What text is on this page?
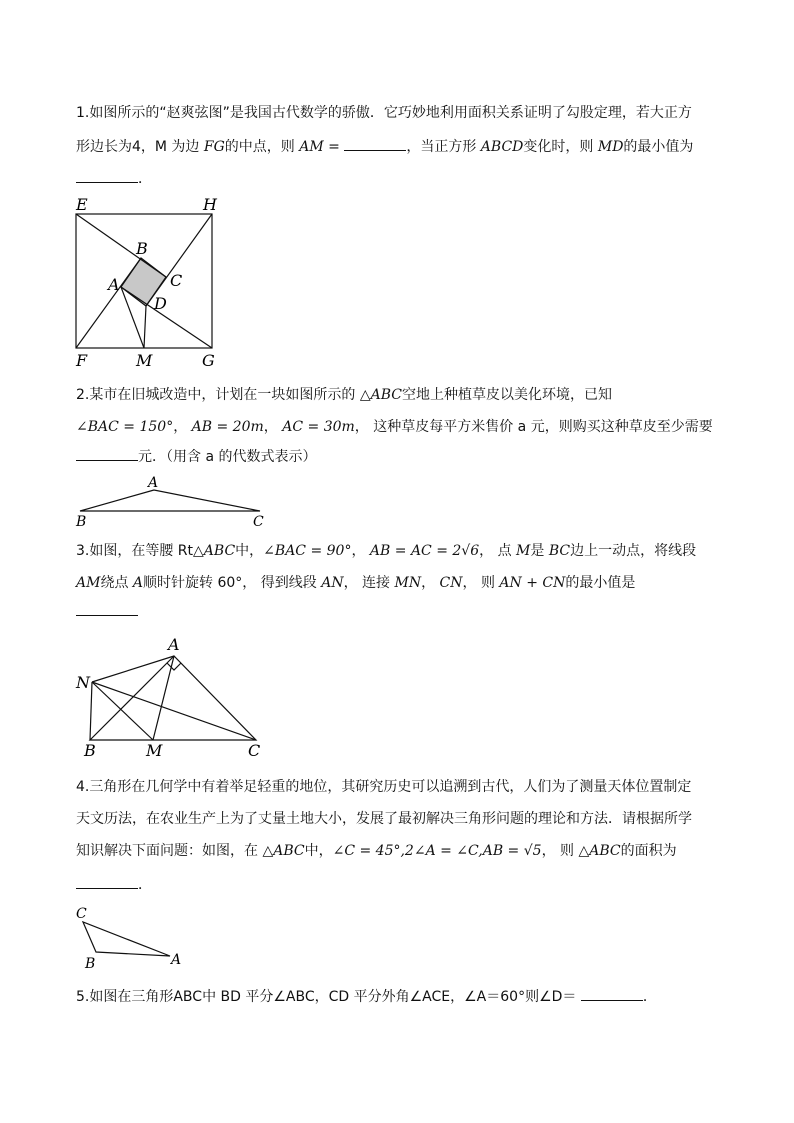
1.如图所示的“赵爽弦图”是我国古代数学的骄傲．它巧妙地利用面积关系证明了勾股定理，若大正方
形边长为4，M 为边 FG的中点，则 AM =	，当正方形 ABCD变化时，则 MD的最小值为
．
E	H
F	G
M
A
B
C
D
2.某市在旧城改造中，计划在一块如图所示的 △ABC空地上种植草皮以美化环境，已知
∠BAC = 150°， AB = 20m， AC = 30m， 这种草皮每平方米售价 a 元，则购买这种草皮至少需要
元．（用含 a 的代数式表示）
A
B	C
3.如图，在等腰 Rt△ABC中，∠BAC = 90°， AB = AC = 2√6， 点 M是 BC边上一动点，将线段
AM绕点 A顺时针旋转 60°， 得到线段 AN， 连接 MN， CN， 则 AN + CN的最小值是
A
N
B	M	C
4.三角形在几何学中有着举足轻重的地位，其研究历史可以追溯到古代，人们为了测量天体位置制定
天文历法，在农业生产上为了丈量土地大小，发展了最初解决三角形问题的理论和方法．请根据所学
知识解决下面问题：如图，在 △ABC中，∠C = 45°,2∠A = ∠C,AB = √5， 则 △ABC的面积为
．
C
B	A
5.如图在三角形ABC中 BD 平分∠ABC，CD 平分外角∠ACE，∠A＝60°则∠D＝	．
